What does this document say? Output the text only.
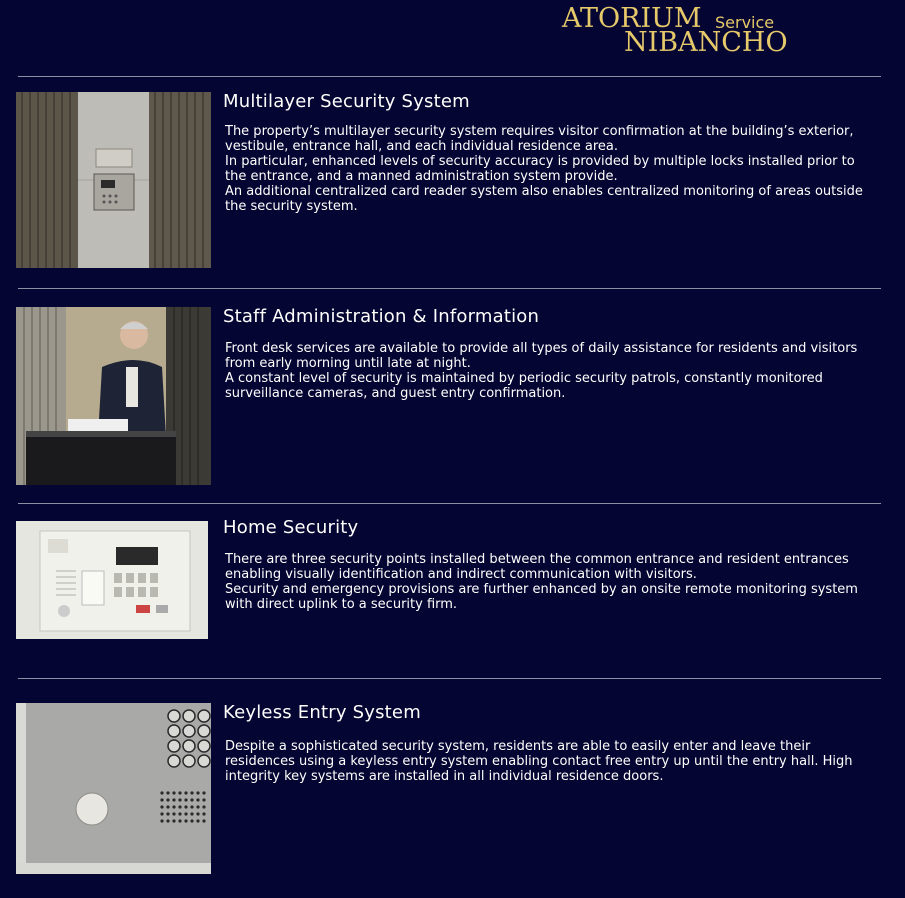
ATORIUM Service
NIBANCHO
Multilayer Security System

The property’s multilayer security system requires visitor confirmation at the building’s exterior, vestibule, entrance hall, and each individual residence area.

In particular, enhanced levels of security accuracy is provided by multiple locks installed prior to the entrance, and a manned administration system provide.

An additional centralized card reader system also enables centralized monitoring of areas outside the security system.

Staff Administration & Information

Front desk services are available to provide all types of daily assistance for residents and visitors from early morning until late at night.

A constant level of security is maintained by periodic security patrols, constantly monitored surveillance cameras, and guest entry confirmation.

Home Security

There are three security points installed between the common entrance and resident entrances enabling visually identification and indirect communication with visitors.

Security and emergency provisions are further enhanced by an onsite remote monitoring system with direct uplink to a security firm.

Keyless Entry System

Despite a sophisticated security system, residents are able to easily enter and leave their residences using a keyless entry system enabling contact free entry up until the entry hall. High integrity key systems are installed in all individual residence doors.
